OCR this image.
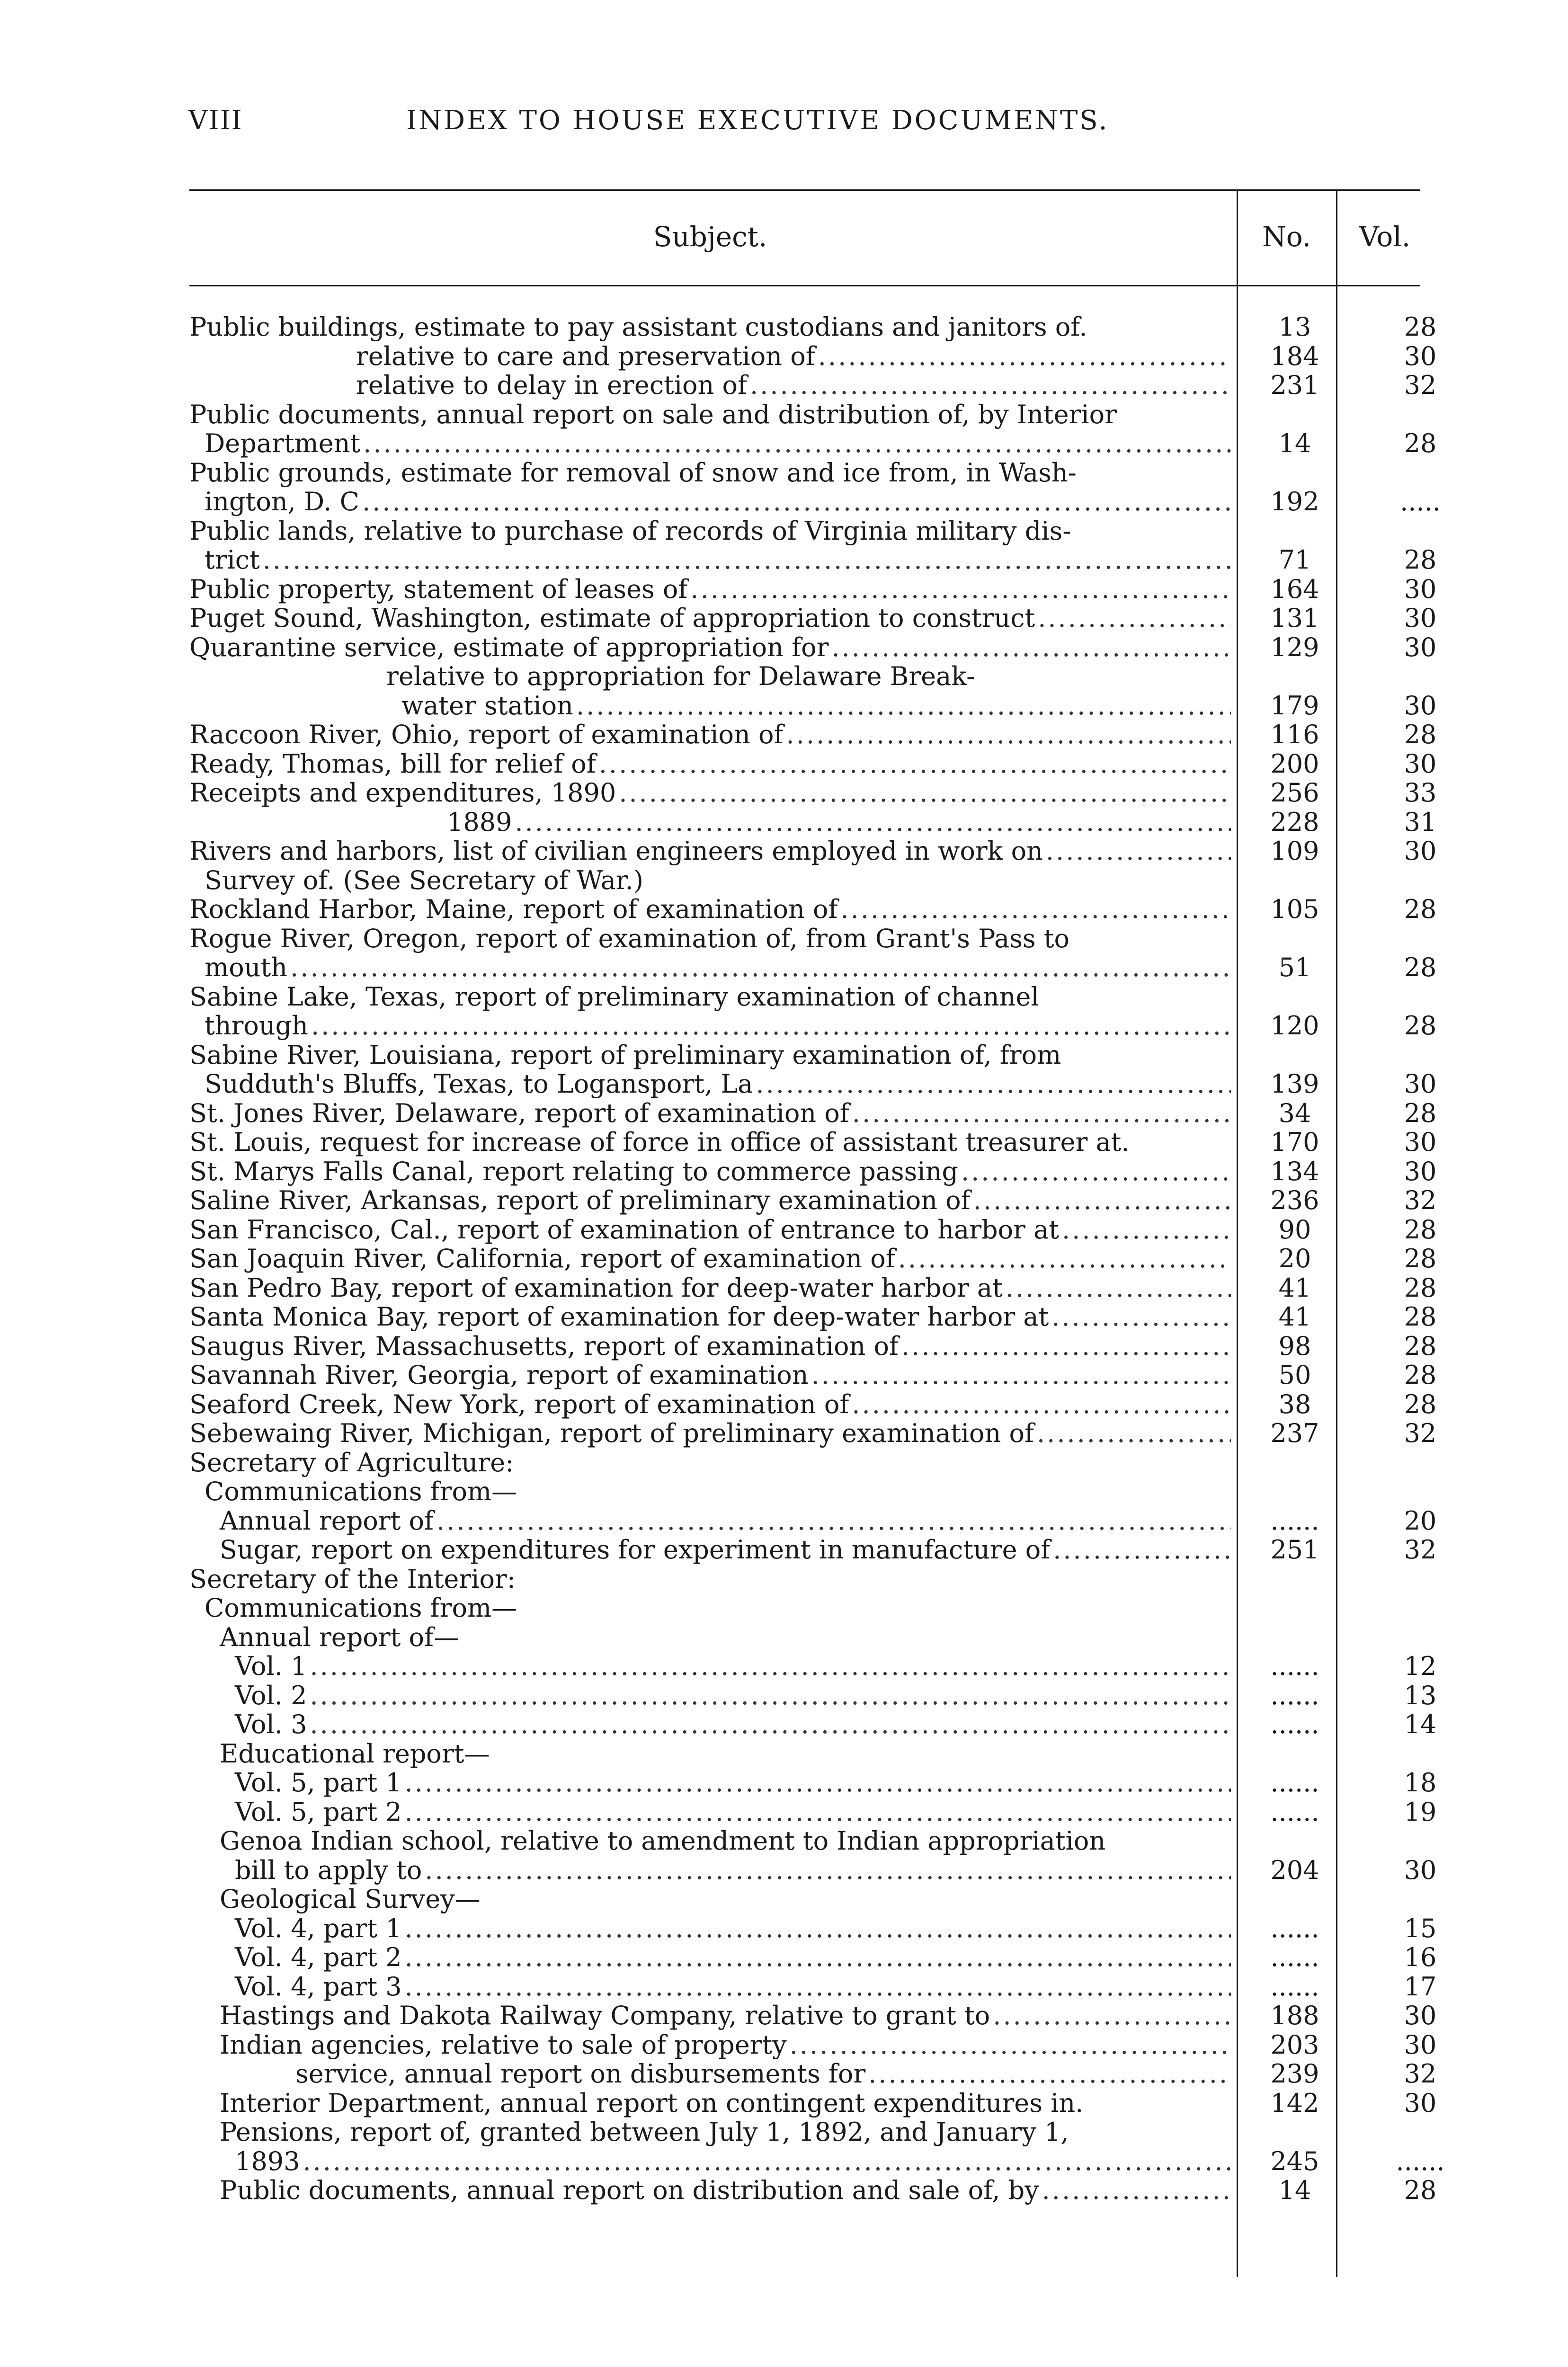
VIII	INDEX TO HOUSE EXECUTIVE DOCUMENTS.
Subject.	No.	Vol.
Public buildings, estimate to pay assistant custodians and janitors of.	13	28
relative to care and preservation of .....	184	30
relative to delay in erection of .....	231	32
Public documents, annual report on sale and distribution of, by Interior
Department .....	14	28
Public grounds, estimate for removal of snow and ice from, in Wash-
ington, D. C .....	192	.....
Public lands, relative to purchase of records of Virginia military dis-
trict .....	71	28
Public property, statement of leases of .....	164	30
Puget Sound, Washington, estimate of appropriation to construct .....	131	30
Quarantine service, estimate of appropriation for .....	129	30
relative to appropriation for Delaware Break-
water station .....	179	30
Raccoon River, Ohio, report of examination of .....	116	28
Ready, Thomas, bill for relief of .....	200	30
Receipts and expenditures, 1890 .....	256	33
1889 .....	228	31
Rivers and harbors, list of civilian engineers employed in work on .....	109	30
Survey of. (See Secretary of War.)
Rockland Harbor, Maine, report of examination of .....	105	28
Rogue River, Oregon, report of examination of, from Grant's Pass to
mouth .....	51	28
Sabine Lake, Texas, report of preliminary examination of channel
through .....	120	28
Sabine River, Louisiana, report of preliminary examination of, from
Sudduth's Bluffs, Texas, to Logansport, La .....	139	30
St. Jones River, Delaware, report of examination of .....	34	28
St. Louis, request for increase of force in office of assistant treasurer at.	170	30
St. Marys Falls Canal, report relating to commerce passing .....	134	30
Saline River, Arkansas, report of preliminary examination of .....	236	32
San Francisco, Cal., report of examination of entrance to harbor at .....	90	28
San Joaquin River, California, report of examination of .....	20	28
San Pedro Bay, report of examination for deep-water harbor at .....	41	28
Santa Monica Bay, report of examination for deep-water harbor at .....	41	28
Saugus River, Massachusetts, report of examination of .....	98	28
Savannah River, Georgia, report of examination .....	50	28
Seaford Creek, New York, report of examination of .....	38	28
Sebewaing River, Michigan, report of preliminary examination of .....	237	32
Secretary of Agriculture:
Communications from—
Annual report of .....	......	20
Sugar, report on expenditures for experiment in manufacture of .....	251	32
Secretary of the Interior:
Communications from—
Annual report of—
Vol. 1 .....	......	12
Vol. 2 .....	......	13
Vol. 3 .....	......	14
Educational report—
Vol. 5, part 1 .....	......	18
Vol. 5, part 2 .....	......	19
Genoa Indian school, relative to amendment to Indian appropriation
bill to apply to .....	204	30
Geological Survey—
Vol. 4, part 1 .....	......	15
Vol. 4, part 2 .....	......	16
Vol. 4, part 3 .....	......	17
Hastings and Dakota Railway Company, relative to grant to .....	188	30
Indian agencies, relative to sale of property .....	203	30
service, annual report on disbursements for .....	239	32
Interior Department, annual report on contingent expenditures in.	142	30
Pensions, report of, granted between July 1, 1892, and January 1,
1893 .....	245	......
Public documents, annual report on distribution and sale of, by .....	14	28
